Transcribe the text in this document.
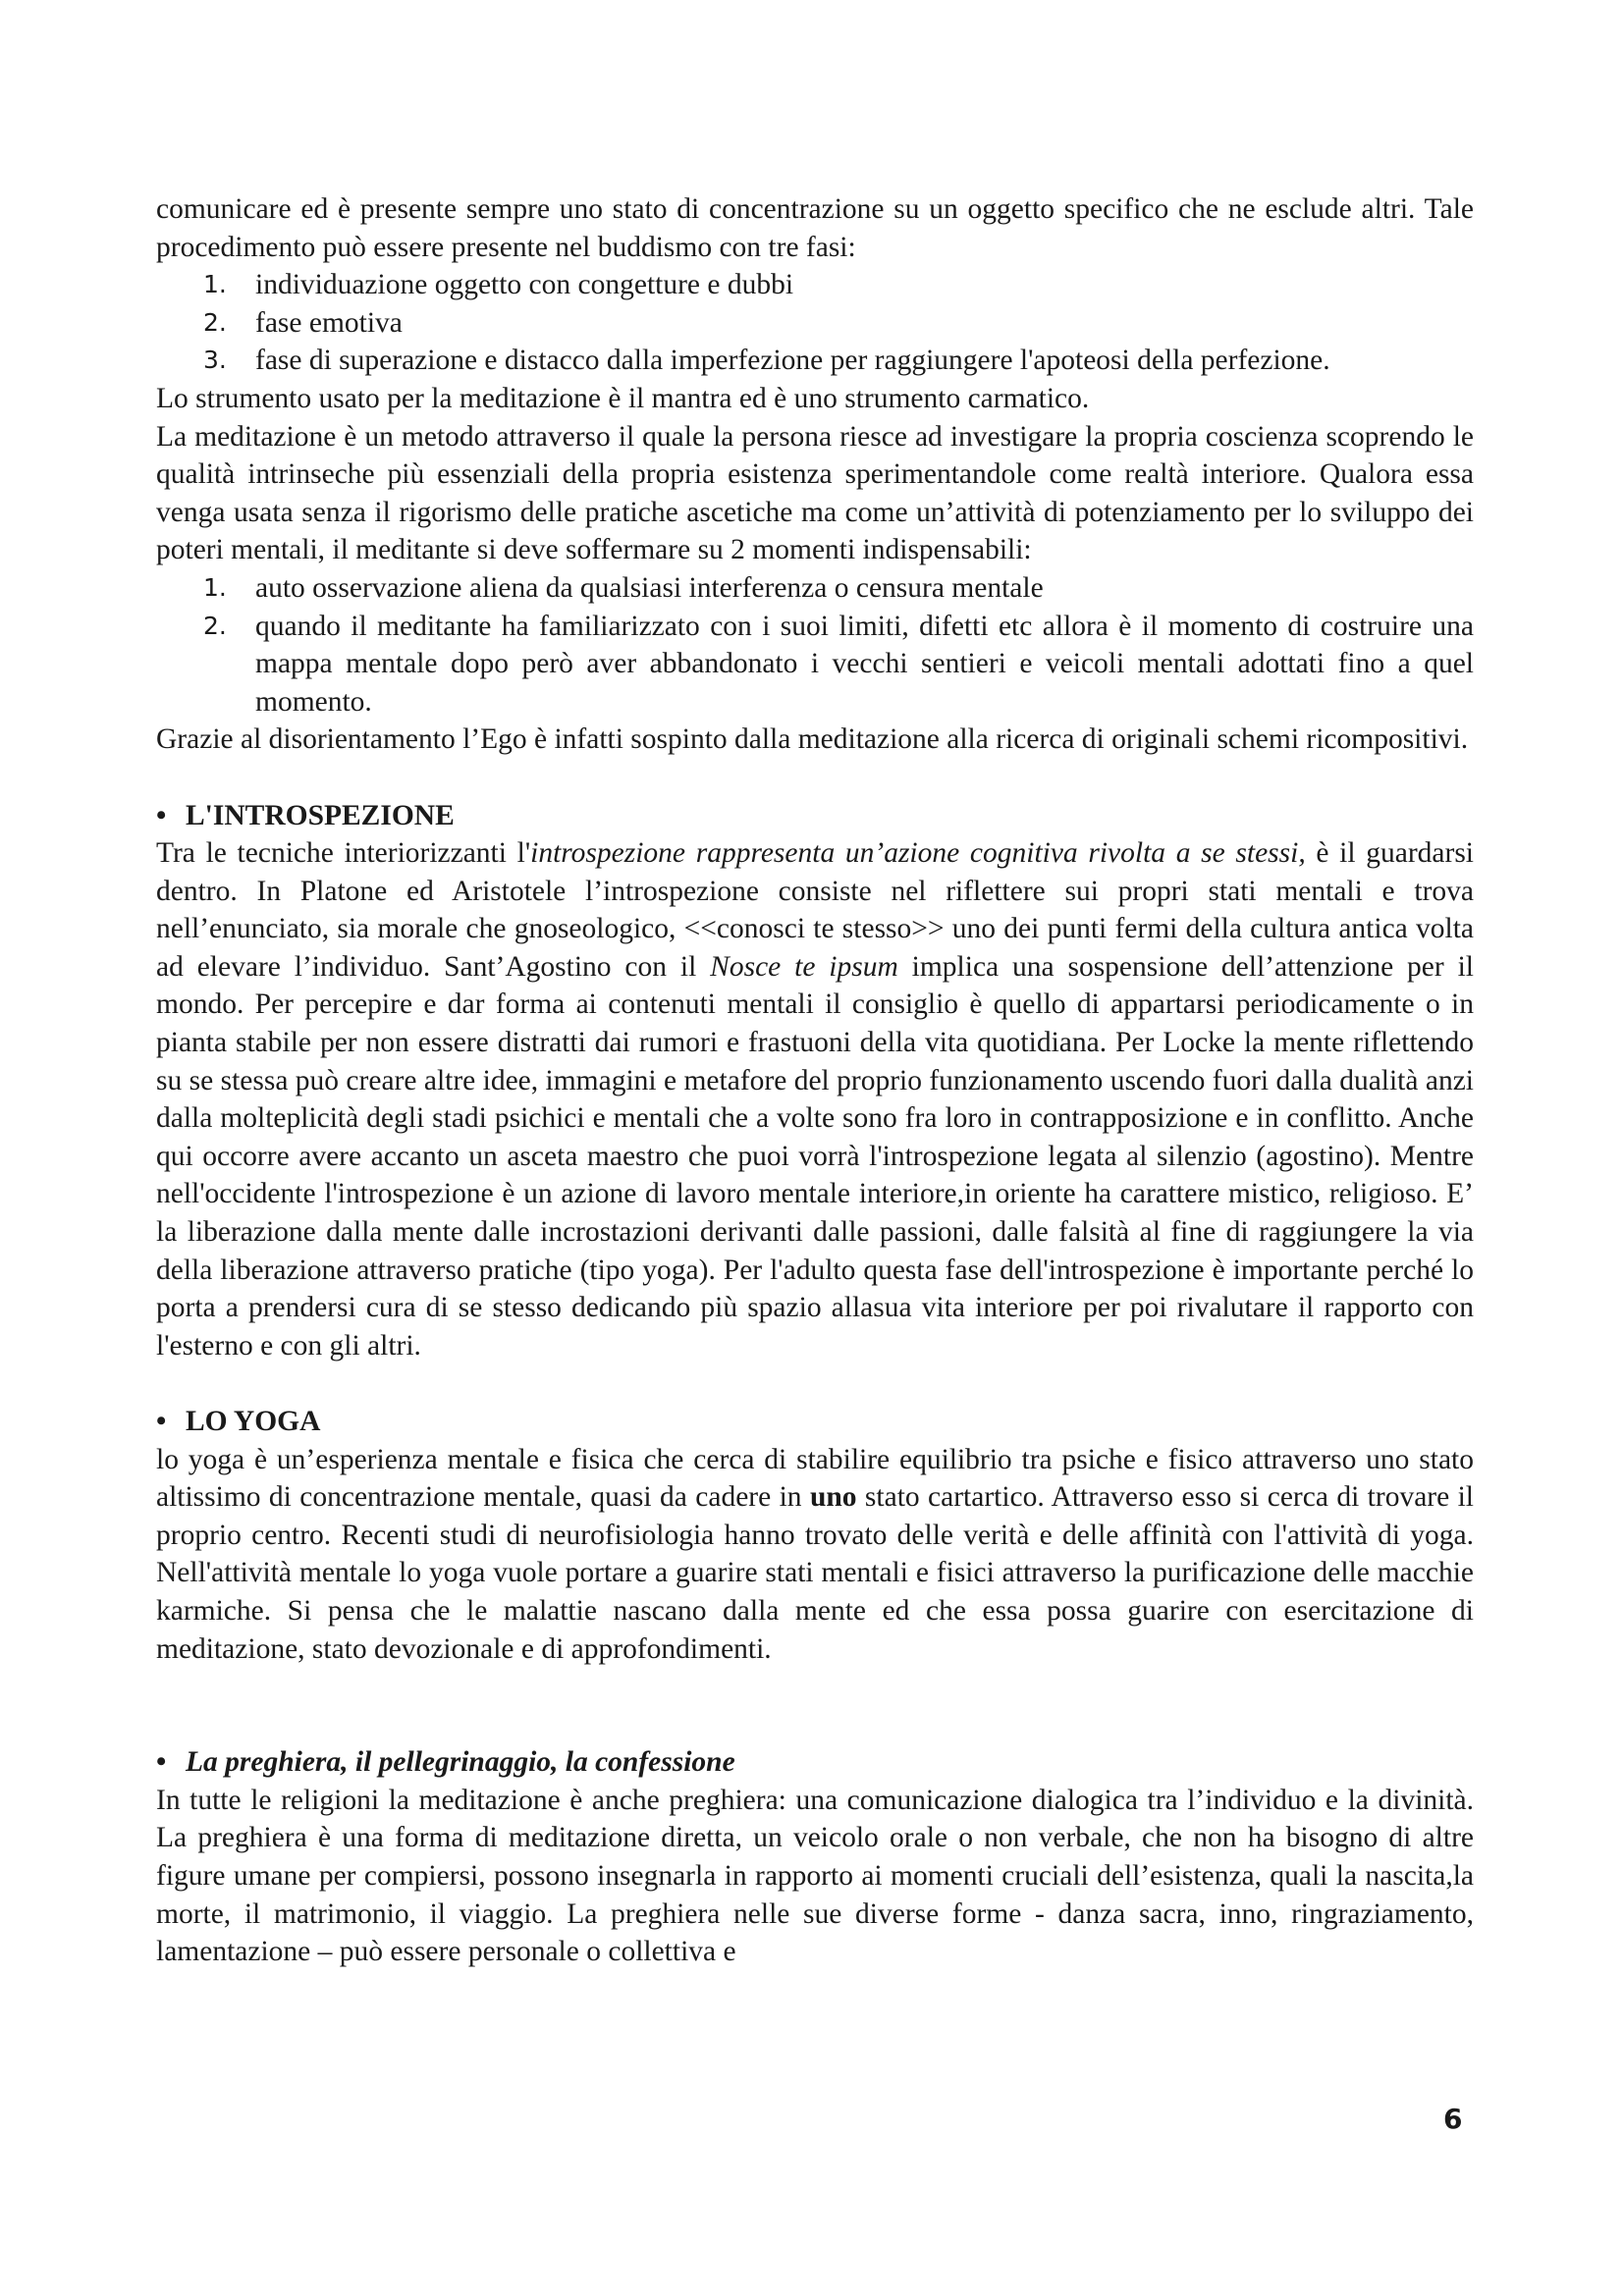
comunicare ed è presente sempre uno stato di concentrazione su un oggetto specifico che ne esclude altri. Tale procedimento può essere presente nel buddismo con tre fasi:

1. individuazione oggetto con congetture e dubbi
2. fase emotiva
3. fase di superazione e distacco dalla imperfezione per raggiungere l'apoteosi della perfezione.

Lo strumento usato per la meditazione è il mantra ed è uno strumento carmatico.

La meditazione è un metodo attraverso il quale la persona riesce ad investigare la propria coscienza scoprendo le qualità intrinseche più essenziali della propria esistenza sperimentandole come realtà interiore. Qualora essa venga usata senza il rigorismo delle pratiche ascetiche ma come un’attività di potenziamento per lo sviluppo dei poteri mentali, il meditante si deve soffermare su 2 momenti indispensabili:

1. auto osservazione aliena da qualsiasi interferenza o censura mentale
2. quando il meditante ha familiarizzato con i suoi limiti, difetti etc allora è il momento di costruire una mappa mentale dopo però aver abbandonato i vecchi sentieri e veicoli mentali adottati fino a quel momento.

Grazie al disorientamento l’Ego è infatti sospinto dalla meditazione alla ricerca di originali schemi ricompositivi.

• L'INTROSPEZIONE

Tra le tecniche interiorizzanti l'introspezione rappresenta un’azione cognitiva rivolta a se stessi, è il guardarsi dentro. In Platone ed Aristotele l’introspezione consiste nel riflettere sui propri stati mentali e trova nell’enunciato, sia morale che gnoseologico, <<conosci te stesso>> uno dei punti fermi della cultura antica volta ad elevare l’individuo. Sant’Agostino con il Nosce te ipsum implica una sospensione dell’attenzione per il mondo. Per percepire e dar forma ai contenuti mentali il consiglio è quello di appartarsi periodicamente o in pianta stabile per non essere distratti dai rumori e frastuoni della vita quotidiana. Per Locke la mente riflettendo su se stessa può creare altre idee, immagini e metafore del proprio funzionamento uscendo fuori dalla dualità anzi dalla molteplicità degli stadi psichici e mentali che a volte sono fra loro in contrapposizione e in conflitto. Anche qui occorre avere accanto un asceta maestro che puoi vorrà l'introspezione legata al silenzio (agostino). Mentre nell'occidente l'introspezione è un azione di lavoro mentale interiore,in oriente ha carattere mistico, religioso. E’ la liberazione dalla mente dalle incrostazioni derivanti dalle passioni, dalle falsità al fine di raggiungere la via della liberazione attraverso pratiche (tipo yoga). Per l'adulto questa fase dell'introspezione è importante perché lo porta a prendersi cura di se stesso dedicando più spazio allasua vita interiore per poi rivalutare il rapporto con l'esterno e con gli altri.

• LO YOGA

lo yoga è un’esperienza mentale e fisica che cerca di stabilire equilibrio tra psiche e fisico attraverso uno stato altissimo di concentrazione mentale, quasi da cadere in uno stato cartartico. Attraverso esso si cerca di trovare il proprio centro. Recenti studi di neurofisiologia hanno trovato delle verità e delle affinità con l'attività di yoga. Nell'attività mentale lo yoga vuole portare a guarire stati mentali e fisici attraverso la purificazione delle macchie karmiche. Si pensa che le malattie nascano dalla mente ed che essa possa guarire con esercitazione di meditazione, stato devozionale e di approfondimenti.

• La preghiera, il pellegrinaggio, la confessione

In tutte le religioni la meditazione è anche preghiera: una comunicazione dialogica tra l’individuo e la divinità. La preghiera è una forma di meditazione diretta, un veicolo orale o non verbale, che non ha bisogno di altre figure umane per compiersi, possono insegnarla in rapporto ai momenti cruciali dell’esistenza, quali la nascita,la morte, il matrimonio, il viaggio. La preghiera nelle sue diverse forme - danza sacra, inno, ringraziamento, lamentazione – può essere personale o collettiva e

6
